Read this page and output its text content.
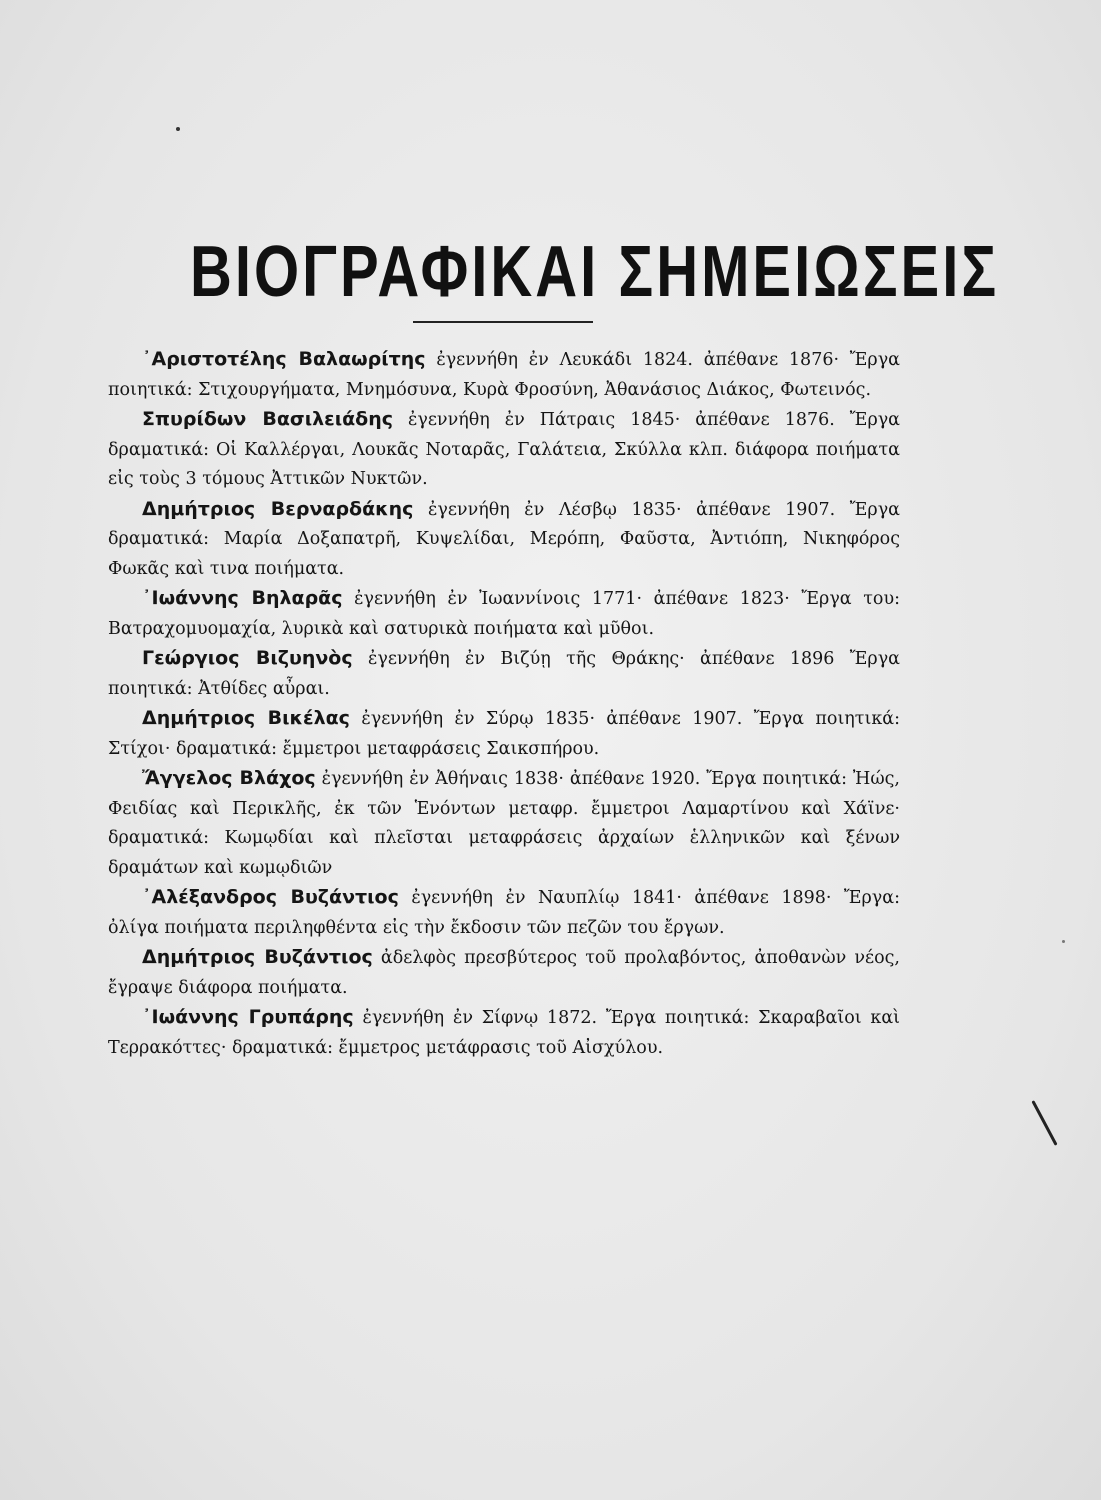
ΒΙΟΓΡΑΦΙΚΑΙ ΣΗΜΕΙΩΣΕΙΣ

᾿Αριστοτέλης Βαλαωρίτης ἐγεννήθη ἐν Λευκάδι 1824. ἀπέθανε 1876· Ἔργα ποιητικά: Στιχουργήματα, Μνημόσυνα, Κυρὰ Φροσύνη, Ἀθανάσιος Διάκος, Φωτεινός.

Σπυρίδων Βασιλειάδης ἐγεννήθη ἐν Πάτραις 1845· ἀπέθανε 1876. Ἔργα δραματικά: Οἱ Καλλέργαι, Λουκᾶς Νοταρᾶς, Γαλάτεια, Σκύλλα κλπ. διάφορα ποιήματα εἰς τοὺς 3 τόμους Ἀττικῶν Νυκτῶν.

Δημήτριος Βερναρδάκης ἐγεννήθη ἐν Λέσβῳ 1835· ἀπέθανε 1907. Ἔργα δραματικά: Μαρία Δοξαπατρῆ, Κυψελίδαι, Μερόπη, Φαῦστα, Ἀντιόπη, Νικηφόρος Φωκᾶς καὶ τινα ποιήματα.

᾿Ιωάννης Βηλαρᾶς ἐγεννήθη ἐν Ἰωαννίνοις 1771· ἀπέθανε 1823· Ἔργα του: Βατραχομυομαχία, λυρικὰ καὶ σατυρικὰ ποιήματα καὶ μῦθοι.

Γεώργιος Βιζυηνὸς ἐγεννήθη ἐν Βιζύῃ τῆς Θράκης· ἀπέθανε 1896 Ἔργα ποιητικά: Ἀτθίδες αὖραι.

Δημήτριος Βικέλας ἐγεννήθη ἐν Σύρῳ 1835· ἀπέθανε 1907. Ἔργα ποιητικά: Στίχοι· δραματικά: ἔμμετροι μεταφράσεις Σαικσπήρου.

Ἄγγελος Βλάχος ἐγεννήθη ἐν Ἀθήναις 1838· ἀπέθανε 1920. Ἔργα ποιητικά: Ἠώς, Φειδίας καὶ Περικλῆς, ἐκ τῶν Ἑνόντων μεταφρ. ἔμμετροι Λαμαρτίνου καὶ Χάϊνε· δραματικά: Κωμῳδίαι καὶ πλεῖσται μεταφράσεις ἀρχαίων ἑλληνικῶν καὶ ξένων δραμάτων καὶ κωμῳδιῶν

᾿Αλέξανδρος Βυζάντιος ἐγεννήθη ἐν Ναυπλίῳ 1841· ἀπέθανε 1898· Ἔργα: ὀλίγα ποιήματα περιληφθέντα εἰς τὴν ἔκδοσιν τῶν πεζῶν του ἔργων.

Δημήτριος Βυζάντιος ἀδελφὸς πρεσβύτερος τοῦ προλαβόντος, ἀποθανὼν νέος, ἔγραψε διάφορα ποιήματα.

᾿Ιωάννης Γρυπάρης ἐγεννήθη ἐν Σίφνῳ 1872. Ἔργα ποιητικά: Σκαραβαῖοι καὶ Τερρακόττες· δραματικά: ἔμμετρος μετάφρασις τοῦ Αἰσχύλου.
